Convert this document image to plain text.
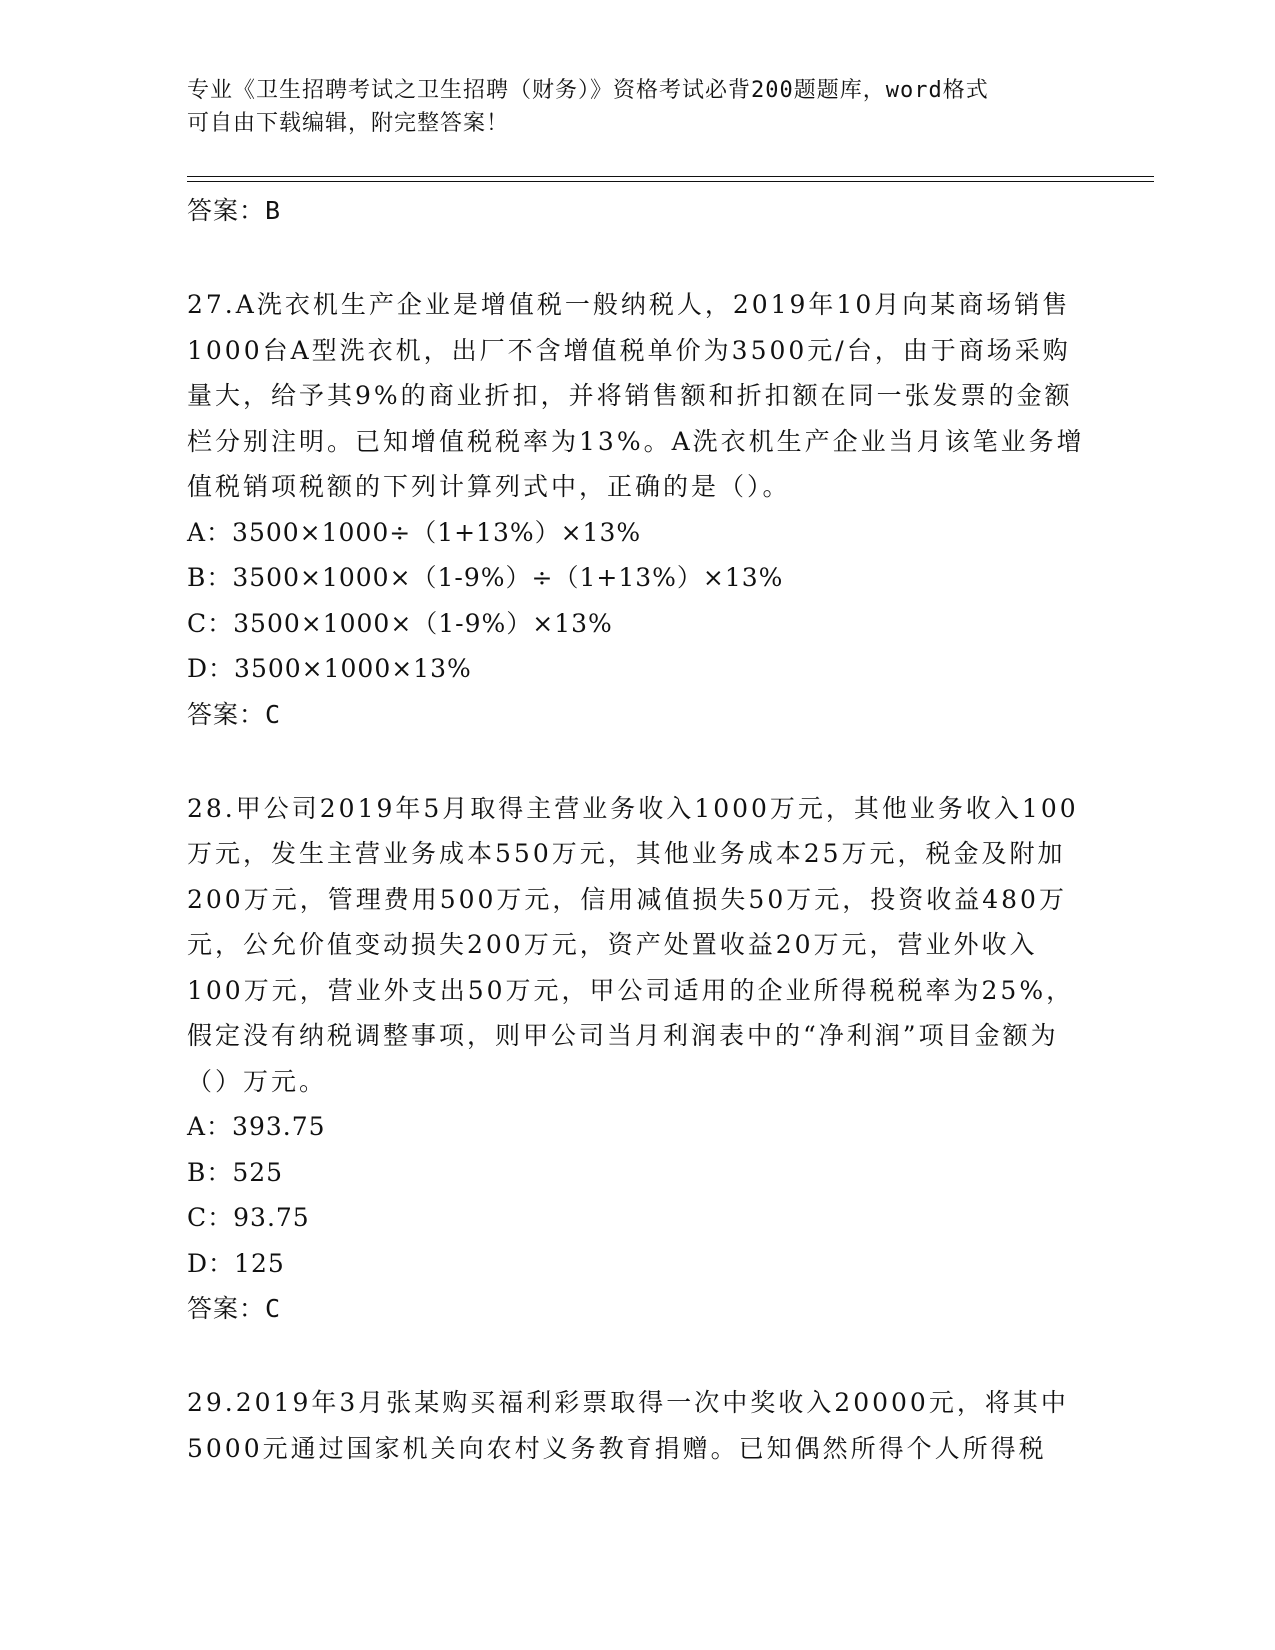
专业《卫生招聘考试之卫生招聘（财务）》资格考试必背200题题库，word格式
可自由下载编辑，附完整答案！
答案：B

27.A洗衣机生产企业是增值税一般纳税人，2019年10月向某商场销售1000台A型洗衣机，出厂不含增值税单价为3500元/台，由于商场采购量大，给予其9%的商业折扣，并将销售额和折扣额在同一张发票的金额栏分别注明。已知增值税税率为13%。A洗衣机生产企业当月该笔业务增值税销项税额的下列计算列式中，正确的是（）。

A：3500×1000÷（1+13%）×13%
B：3500×1000×（1-9%）÷（1+13%）×13%
C：3500×1000×（1-9%）×13%
D：3500×1000×13%
答案：C

28.甲公司2019年5月取得主营业务收入1000万元，其他业务收入100万元，发生主营业务成本550万元，其他业务成本25万元，税金及附加200万元，管理费用500万元，信用减值损失50万元，投资收益480万元，公允价值变动损失200万元，资产处置收益20万元，营业外收入100万元，营业外支出50万元，甲公司适用的企业所得税税率为25%，假定没有纳税调整事项，则甲公司当月利润表中的“净利润”项目金额为（）万元。

A：393.75
B：525
C：93.75
D：125
答案：C

29.2019年3月张某购买福利彩票取得一次中奖收入20000元，将其中5000元通过国家机关向农村义务教育捐赠。已知偶然所得个人所得税
